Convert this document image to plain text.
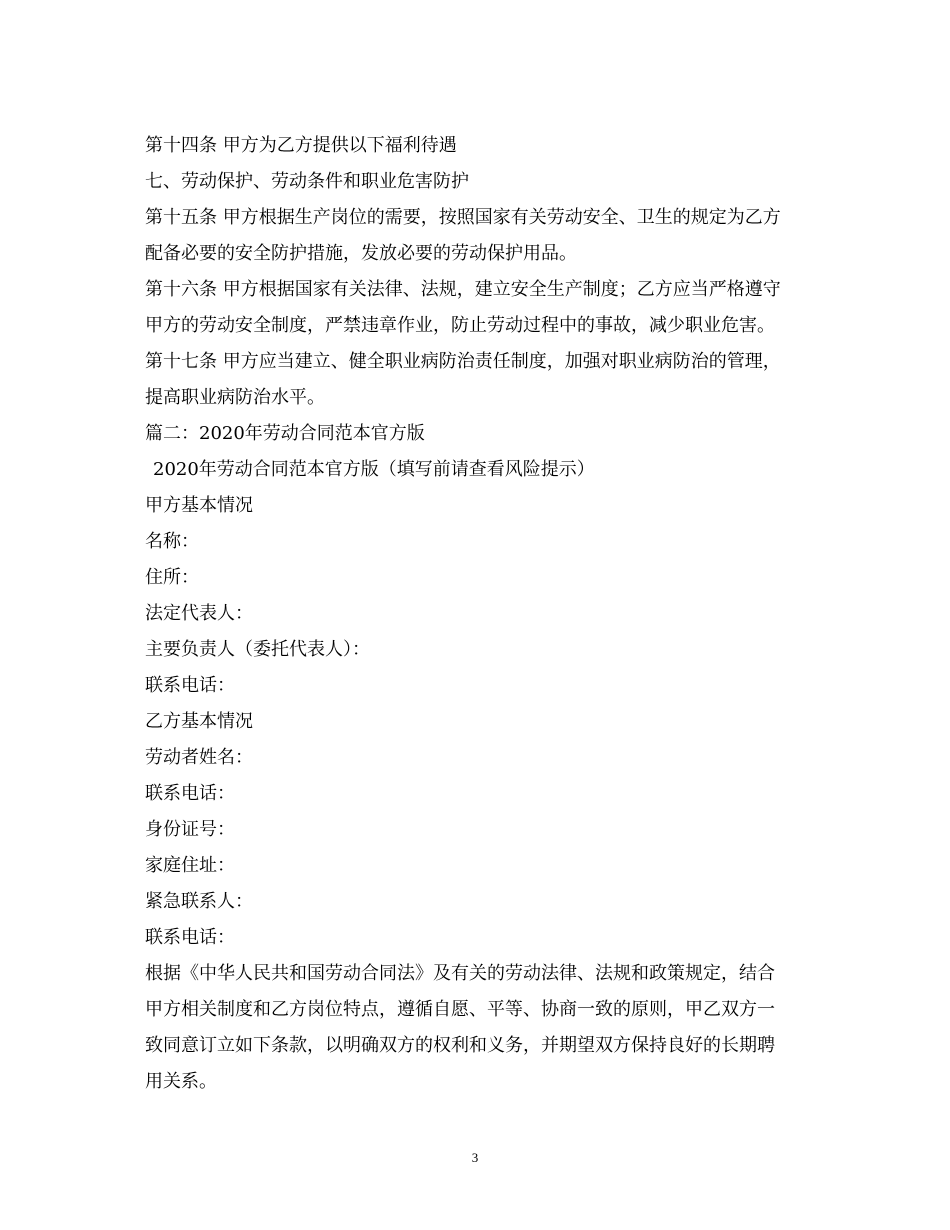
第十四条 甲方为乙方提供以下福利待遇

七、劳动保护、劳动条件和职业危害防护

第十五条 甲方根据生产岗位的需要，按照国家有关劳动安全、卫生的规定为乙方

配备必要的安全防护措施，发放必要的劳动保护用品。

第十六条 甲方根据国家有关法律、法规，建立安全生产制度；乙方应当严格遵守

甲方的劳动安全制度，严禁违章作业，防止劳动过程中的事故，减少职业危害。

第十七条 甲方应当建立、健全职业病防治责任制度，加强对职业病防治的管理，

提高职业病防治水平。

篇二：2020年劳动合同范本官方版

2020年劳动合同范本官方版（填写前请查看风险提示）

甲方基本情况

名称：

住所：

法定代表人：

主要负责人（委托代表人）：

联系电话：

乙方基本情况

劳动者姓名：

联系电话：

身份证号：

家庭住址：

紧急联系人：

联系电话：

根据《中华人民共和国劳动合同法》及有关的劳动法律、法规和政策规定，结合

甲方相关制度和乙方岗位特点，遵循自愿、平等、协商一致的原则，甲乙双方一

致同意订立如下条款，以明确双方的权利和义务，并期望双方保持良好的长期聘

用关系。

3
